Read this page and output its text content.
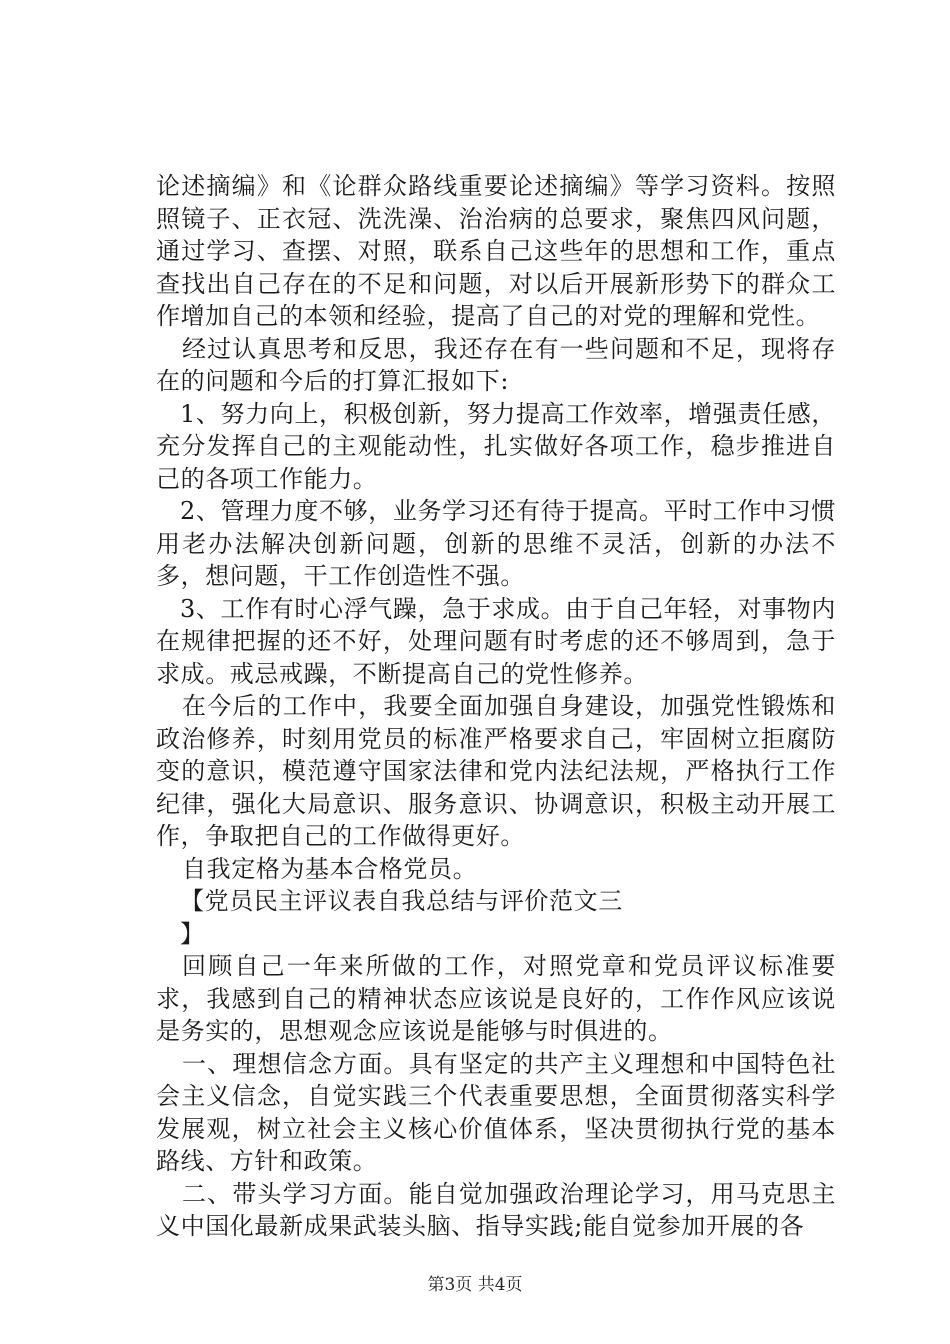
论述摘编》和《论群众路线重要论述摘编》等学习资料。按照照镜子、正衣冠、洗洗澡、治治病的总要求，聚焦四风问题，通过学习、查摆、对照，联系自己这些年的思想和工作，重点查找出自己存在的不足和问题，对以后开展新形势下的群众工作增加自己的本领和经验，提高了自己的对党的理解和党性。

经过认真思考和反思，我还存在有一些问题和不足，现将存在的问题和今后的打算汇报如下:

1、努力向上，积极创新，努力提高工作效率，增强责任感，充分发挥自己的主观能动性，扎实做好各项工作，稳步推进自己的各项工作能力。

2、管理力度不够，业务学习还有待于提高。平时工作中习惯用老办法解决创新问题，创新的思维不灵活，创新的办法不多，想问题，干工作创造性不强。

3、工作有时心浮气躁，急于求成。由于自己年轻，对事物内在规律把握的还不好，处理问题有时考虑的还不够周到，急于求成。戒忌戒躁，不断提高自己的党性修养。

在今后的工作中，我要全面加强自身建设，加强党性锻炼和政治修养，时刻用党员的标准严格要求自己，牢固树立拒腐防变的意识，模范遵守国家法律和党内法纪法规，严格执行工作纪律，强化大局意识、服务意识、协调意识，积极主动开展工作，争取把自己的工作做得更好。

自我定格为基本合格党员。

【党员民主评议表自我总结与评价范文三

】

回顾自己一年来所做的工作，对照党章和党员评议标准要求，我感到自己的精神状态应该说是良好的，工作作风应该说是务实的，思想观念应该说是能够与时俱进的。

一、理想信念方面。具有坚定的共产主义理想和中国特色社会主义信念，自觉实践三个代表重要思想，全面贯彻落实科学发展观，树立社会主义核心价值体系，坚决贯彻执行党的基本路线、方针和政策。

二、带头学习方面。能自觉加强政治理论学习，用马克思主义中国化最新成果武装头脑、指导实践;能自觉参加开展的各

第3页 共4页
